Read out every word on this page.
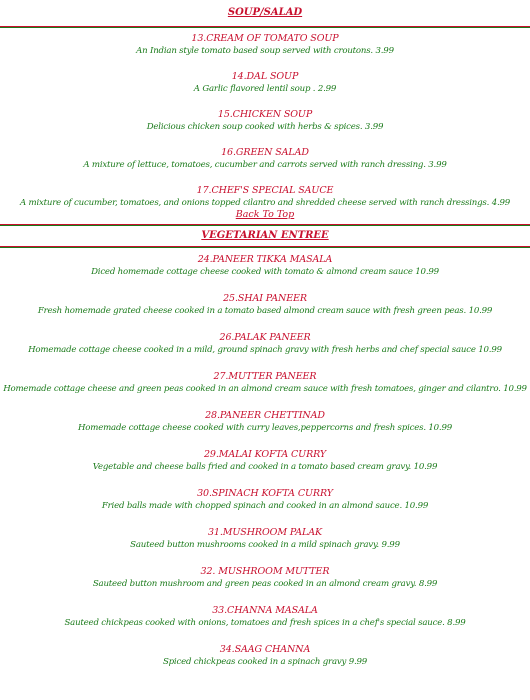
SOUP/SALAD
13.CREAM OF TOMATO SOUP
An Indian style tomato based soup served with croutons. 3.99
14.DAL SOUP
A Garlic flavored lentil soup . 2.99
15.CHICKEN SOUP
Delicious chicken soup cooked with herbs & spices. 3.99
16.GREEN SALAD
A mixture of lettuce, tomatoes, cucumber and carrots served with ranch dressing. 3.99
17.CHEF'S SPECIAL SAUCE
A mixture of cucumber, tomatoes, and onions topped cilantro and shredded cheese served with ranch dressings. 4.99
Back To Top
VEGETARIAN ENTREE
24.PANEER TIKKA MASALA
Diced homemade cottage cheese cooked with tomato & almond cream sauce 10.99
25.SHAI PANEER
Fresh homemade grated cheese cooked in a tomato based almond cream sauce with fresh green peas. 10.99
26.PALAK PANEER
Homemade cottage cheese cooked in a mild, ground spinach gravy with fresh herbs and chef special sauce 10.99
27.MUTTER PANEER
Homemade cottage cheese and green peas cooked in an almond cream sauce with fresh tomatoes, ginger and cilantro. 10.99
28.PANEER CHETTINAD
Homemade cottage cheese cooked with curry leaves,peppercorns and fresh spices. 10.99
29.MALAI KOFTA CURRY
Vegetable and cheese balls fried and cooked in a tomato based cream gravy. 10.99
30.SPINACH KOFTA CURRY
Fried balls made with chopped spinach and cooked in an almond sauce. 10.99
31.MUSHROOM PALAK
Sauteed button mushrooms cooked in a mild spinach gravy. 9.99
32. MUSHROOM MUTTER
Sauteed button mushroom and green peas cooked in an almond cream gravy. 8.99
33.CHANNA MASALA
Sauteed chickpeas cooked with onions, tomatoes and fresh spices in a chef's special sauce. 8.99
34.SAAG CHANNA
Spiced chickpeas cooked in a spinach gravy 9.99
